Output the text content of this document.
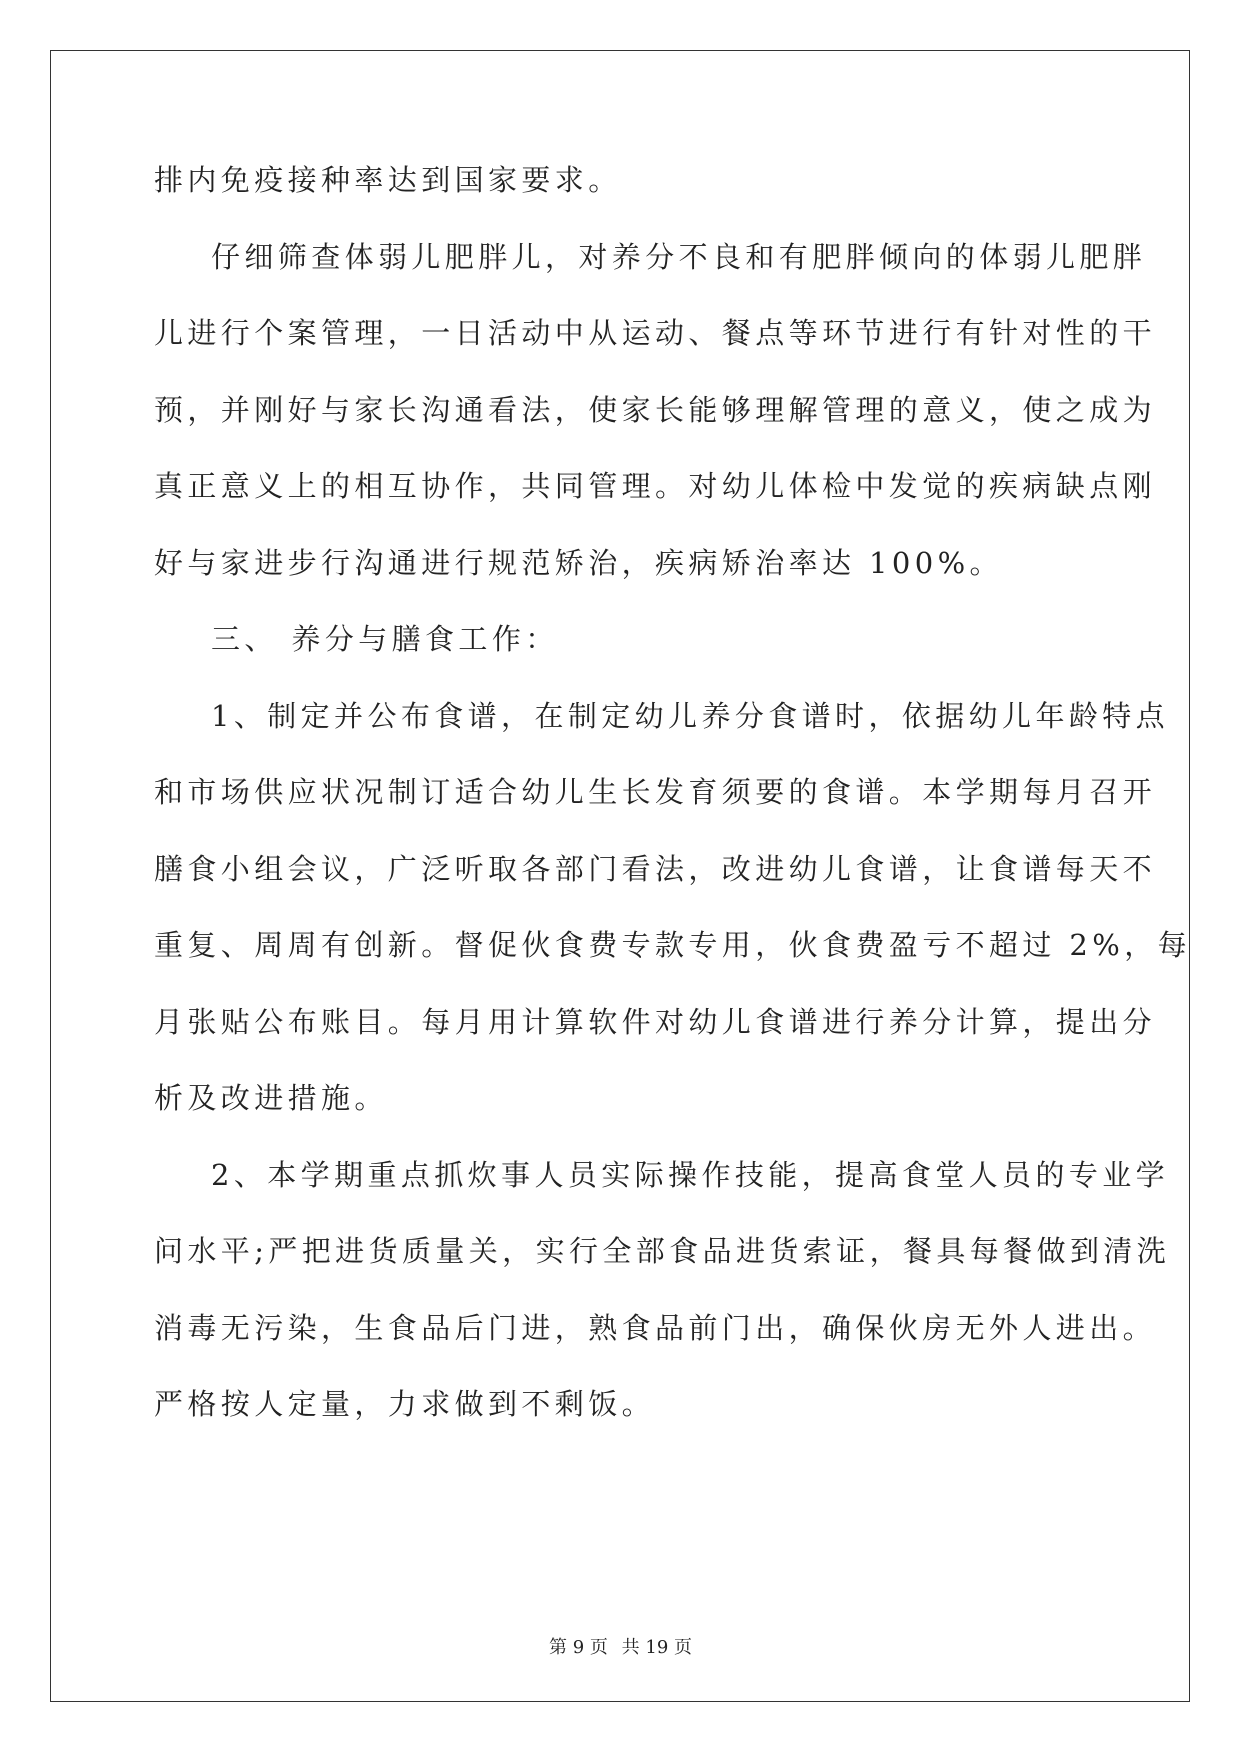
排内免疫接种率达到国家要求。
仔细筛查体弱儿肥胖儿，对养分不良和有肥胖倾向的体弱儿肥胖
儿进行个案管理，一日活动中从运动、餐点等环节进行有针对性的干
预，并刚好与家长沟通看法，使家长能够理解管理的意义，使之成为
真正意义上的相互协作，共同管理。对幼儿体检中发觉的疾病缺点刚
好与家进步行沟通进行规范矫治，疾病矫治率达 100%。
三、 养分与膳食工作：
1、制定并公布食谱，在制定幼儿养分食谱时，依据幼儿年龄特点
和市场供应状况制订适合幼儿生长发育须要的食谱。本学期每月召开
膳食小组会议，广泛听取各部门看法，改进幼儿食谱，让食谱每天不
重复、周周有创新。督促伙食费专款专用，伙食费盈亏不超过 2%，每
月张贴公布账目。每月用计算软件对幼儿食谱进行养分计算，提出分
析及改进措施。
2、本学期重点抓炊事人员实际操作技能，提高食堂人员的专业学
问水平;严把进货质量关，实行全部食品进货索证，餐具每餐做到清洗
消毒无污染，生食品后门进，熟食品前门出，确保伙房无外人进出。
严格按人定量，力求做到不剩饭。
第 9 页 共 19 页
